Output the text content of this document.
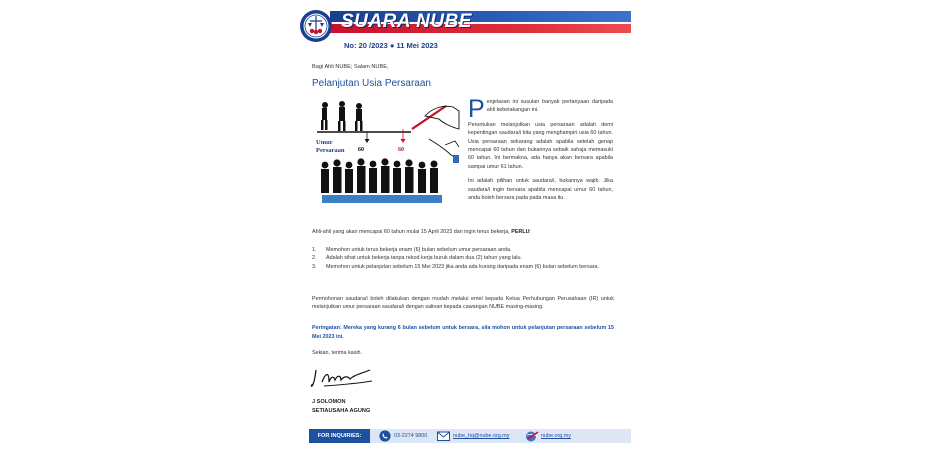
SUARA NUBE
No: 20 /2023 ● 11 Mei 2023
Bagi Ahli NUBE; Salam NUBE,
Pelanjutan Usia Persaraan
Umur
Persaraan 60	60

Penjelasan ini susulan banyak pertanyaan daripada ahli kebelakangan ini.

Peruntukan melanjutkan usia persaraan adalah demi kepentingan saudara/i kita yang menghampiri usia 60 tahun. Usia persaraan sekarang adalah apabila setelah genap mencapai 60 tahun dan bukannya sebaik sahaja memasuki 60 tahun. Ini bermakna, ada hanya akan bersara apabila sampai umur 61 tahun.

Ini adalah pilihan untuk saudara/i, bukannya wajib. Jika saudara/i ingin bersara apabila mencapai umur 60 tahun, anda boleh bersara pada pada masa itu.

Ahli-ahli yang akan mencapai 60 tahun mulai 15 April 2023 dan ingin terus bekerja, PERLU:
1. Memohon untuk terus bekerja enam (6) bulan sebelum umur persaraan anda.
2. Adalah sihat untuk bekerja tanpa rekod kerja buruk dalam dua (2) tahun yang lalu.
3. Memohon untuk pelanjutan sebelum 15 Mei 2023 jika anda ada kurang daripada enam (6) bulan sebelum bersara.
Permohonan saudara/i boleh dilakukan dengan mudah melalui emel kepada Ketua Perhubungan Perusahaan (IR) untuk melanjutkan umur persaraan saudara/i dengan salinan kepada cawangan NUBE masing-masing.
Peringatan: Mereka yang kurang 6 bulan sebelum untuk bersara, sila mohon untuk pelanjutan persaraan sebelum 15 Mei 2023 ini.
Sekian, terima kasih.
J SOLOMON
SETIAUSAHA AGUNG
FOR INQUIRIES:	03-2274 9800	nube_hq@nube.org.my	nube.org.my
